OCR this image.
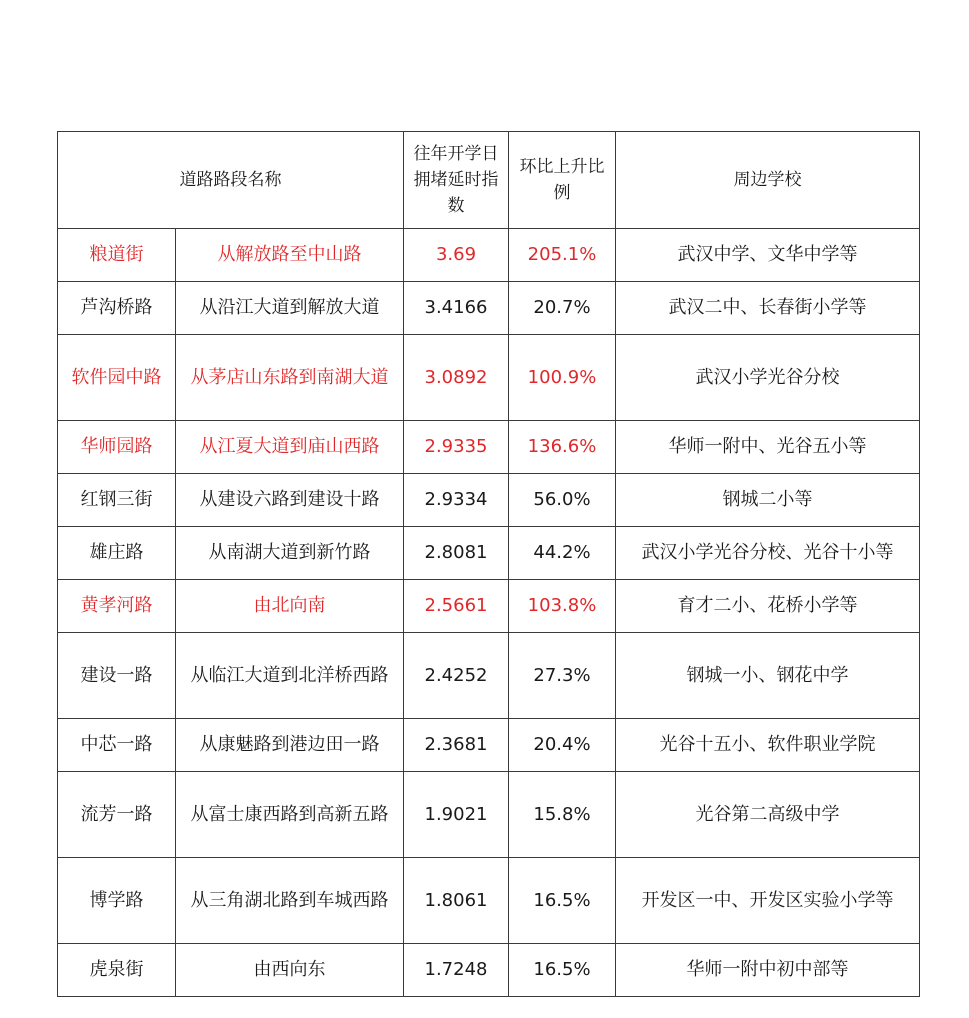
道路路段名称		往年开学日拥堵延时指数	环比上升比例	周边学校
粮道街	从解放路至中山路	3.69	205.1%	武汉中学、文华中学等
芦沟桥路	从沿江大道到解放大道	3.4166	20.7%	武汉二中、长春街小学等
软件园中路	从茅店山东路到南湖大道	3.0892	100.9%	武汉小学光谷分校
华师园路	从江夏大道到庙山西路	2.9335	136.6%	华师一附中、光谷五小等
红钢三街	从建设六路到建设十路	2.9334	56.0%	钢城二小等
雄庄路	从南湖大道到新竹路	2.8081	44.2%	武汉小学光谷分校、光谷十小等
黄孝河路	由北向南	2.5661	103.8%	育才二小、花桥小学等
建设一路	从临江大道到北洋桥西路	2.4252	27.3%	钢城一小、钢花中学
中芯一路	从康魅路到港边田一路	2.3681	20.4%	光谷十五小、软件职业学院
流芳一路	从富士康西路到高新五路	1.9021	15.8%	光谷第二高级中学
博学路	从三角湖北路到车城西路	1.8061	16.5%	开发区一中、开发区实验小学等
虎泉街	由西向东	1.7248	16.5%	华师一附中初中部等
